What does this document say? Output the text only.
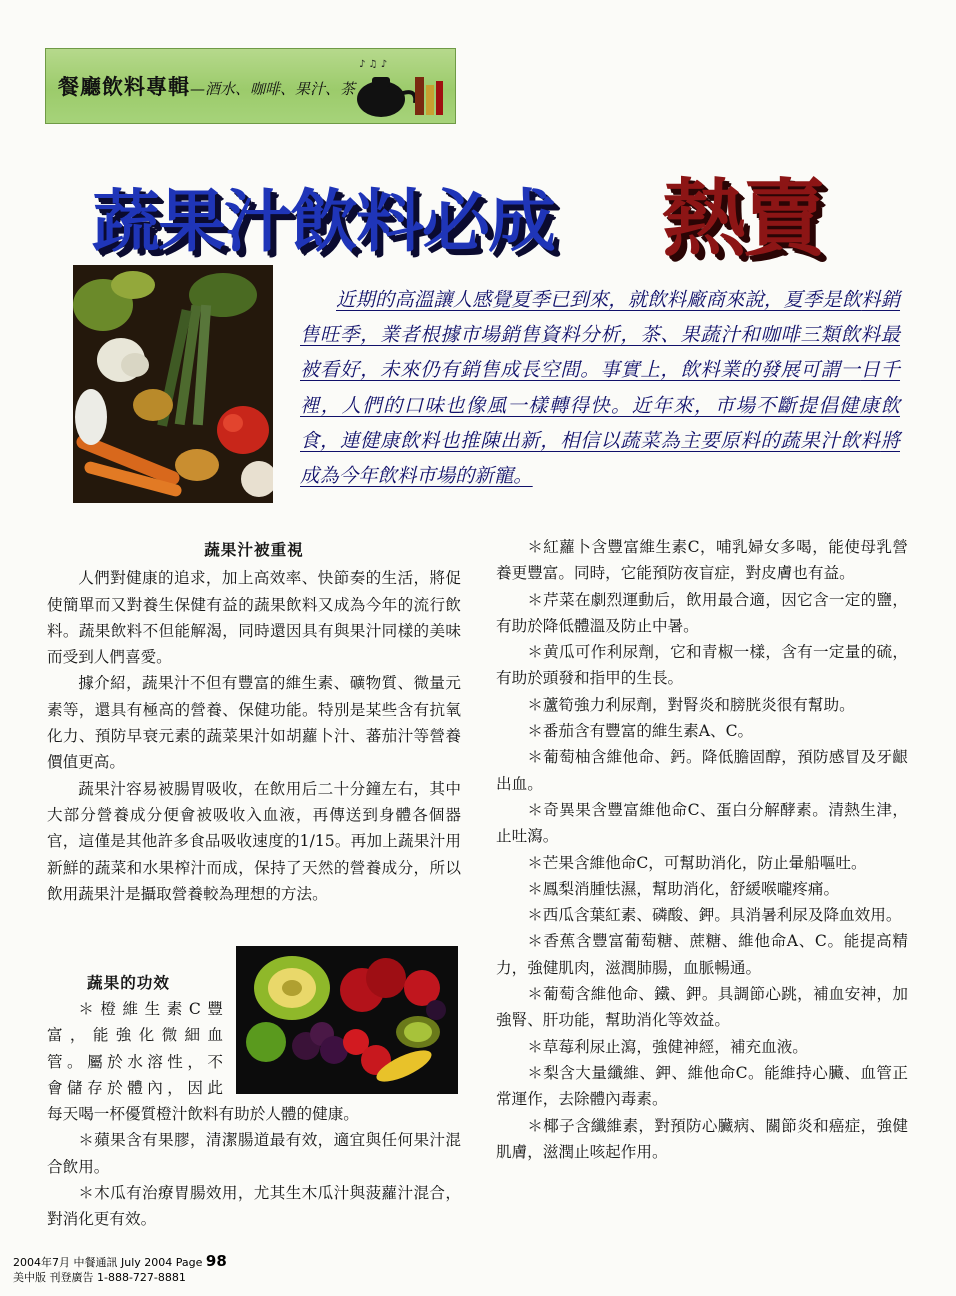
餐廳飲料專輯—酒水、咖啡、果汁、茶
♪ ♫ ♪
蔬果汁飲料必成 熱賣
近期的高溫讓人感覺夏季已到來，就飲料廠商來說，夏季是飲料銷售旺季，業者根據市場銷售資料分析，茶、果蔬汁和咖啡三類飲料最被看好，未來仍有銷售成長空間。事實上，飲料業的發展可謂一日千裡，人們的口味也像風一樣轉得快。近年來，市場不斷提倡健康飲食，連健康飲料也推陳出新，相信以蔬菜為主要原料的蔬果汁飲料將成為今年飲料市場的新寵。
蔬果汁被重視

人們對健康的追求，加上高效率、快節奏的生活，將促使簡單而又對養生保健有益的蔬果飲料又成為今年的流行飲料。蔬果飲料不但能解渴，同時還因具有與果汁同樣的美味而受到人們喜愛。

據介紹，蔬果汁不但有豐富的維生素、礦物質、微量元素等，還具有極高的營養、保健功能。特別是某些含有抗氧化力、預防早衰元素的蔬菜果汁如胡蘿卜汁、蕃茄汁等營養價值更高。

蔬果汁容易被腸胃吸收，在飲用后二十分鐘左右，其中大部分營養成分便會被吸收入血液，再傳送到身體各個器官，這僅是其他許多食品吸收速度的1/15。再加上蔬果汁用新鮮的蔬菜和水果榨汁而成，保持了天然的營養成分，所以飲用蔬果汁是攝取營養較為理想的方法。

蔬果的功效
＊橙維生素C豐
富，能強化微細血
管。屬於水溶性，不
會儲存於體內，因此
每天喝一杯優質橙汁飲料有助於人體的健康。

＊蘋果含有果膠，清潔腸道最有效，適宜與任何果汁混合飲用。

＊木瓜有治療胃腸效用，尤其生木瓜汁與菠蘿汁混合，對消化更有效。

＊紅蘿卜含豐富維生素C，哺乳婦女多喝，能使母乳營養更豐富。同時，它能預防夜盲症，對皮膚也有益。

＊芹菜在劇烈運動后，飲用最合適，因它含一定的鹽，有助於降低體溫及防止中暑。

＊黄瓜可作利尿劑，它和青椒一樣，含有一定量的硫，有助於頭發和指甲的生長。

＊蘆筍強力利尿劑，對腎炎和膀胱炎很有幫助。

＊番茄含有豐富的維生素A、C。

＊葡萄柚含維他命、鈣。降低膽固醇，預防感冒及牙齦出血。

＊奇異果含豐富維他命C、蛋白分解酵素。清熱生津，止吐瀉。

＊芒果含維他命C，可幫助消化，防止暈船嘔吐。

＊鳳梨消腫怯濕，幫助消化，舒緩喉嚨疼痛。

＊西瓜含葉紅素、磷酸、鉀。具消暑利尿及降血效用。

＊香蕉含豐富葡萄糖、蔗糖、維他命A、C。能提高精力，強健肌肉，滋潤肺腸，血脈暢通。

＊葡萄含維他命、鐵、鉀。具調節心跳，補血安神，加強腎、肝功能，幫助消化等效益。

＊草莓利尿止瀉，強健神經，補充血液。

＊梨含大量纖維、鉀、維他命C。能維持心臟、血管正常運作，去除體內毒素。

＊椰子含纖維素，對預防心臟病、關節炎和癌症，強健肌膚，滋潤止咳起作用。

2004年7月 中餐通訊 July 2004 Page 98
美中版 刊登廣告 1-888-727-8881
